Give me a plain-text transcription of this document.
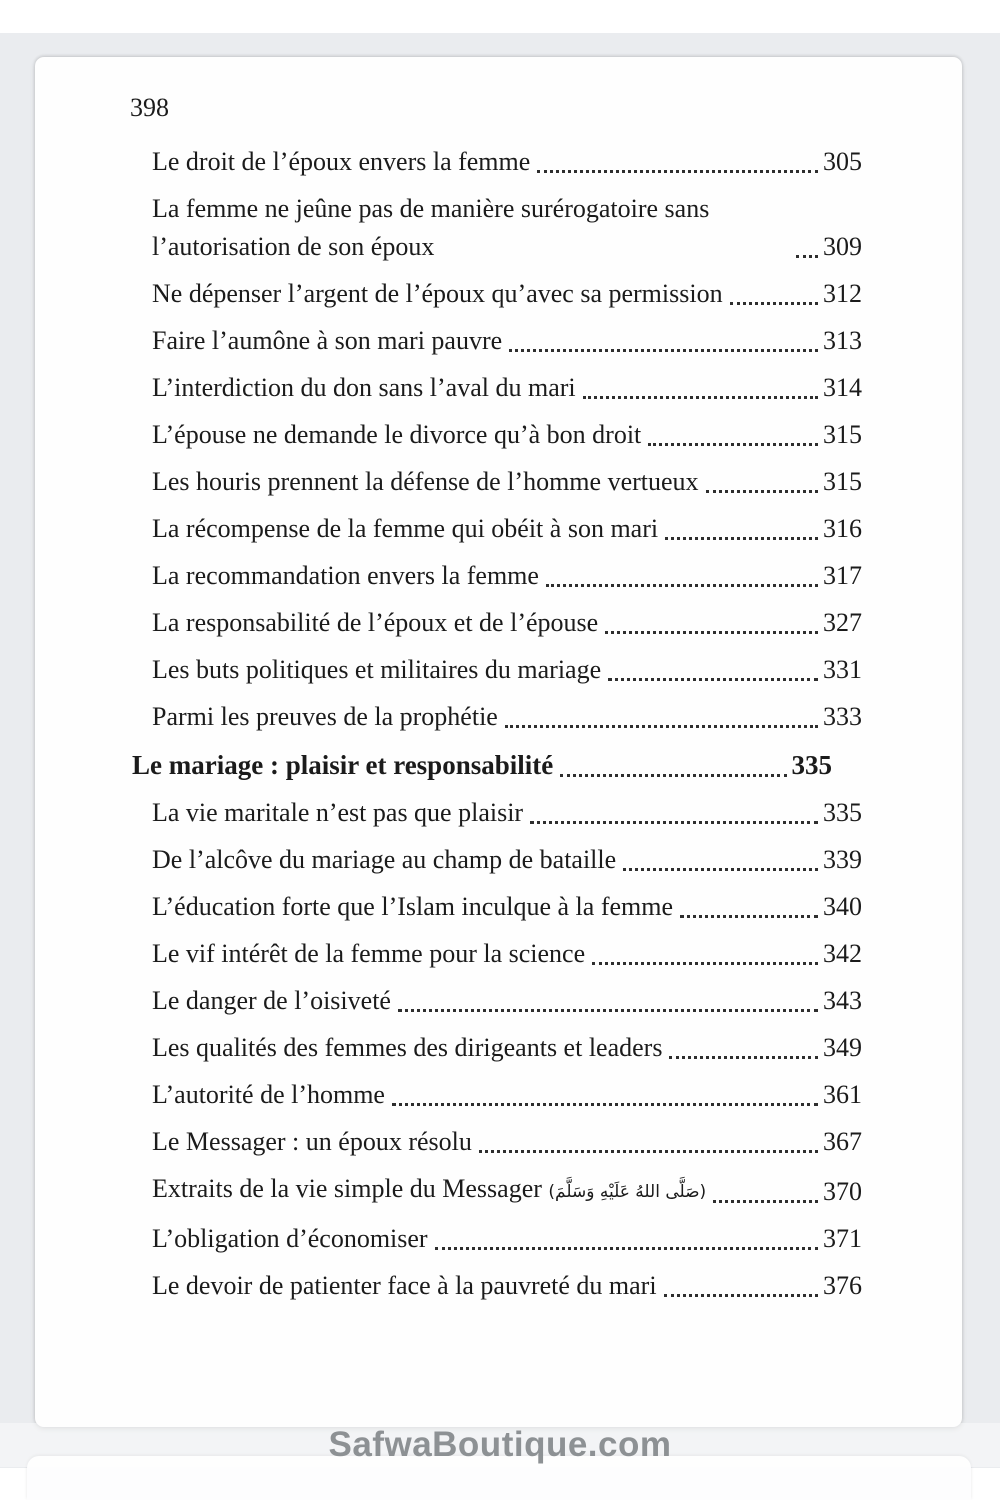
398
Le droit de l’époux envers la femme	305
La femme ne jeûne pas de manière surérogatoire sans l’autorisation de son époux	309
Ne dépenser l’argent de l’époux qu’avec sa permission	312
Faire l’aumône à son mari pauvre	313
L’interdiction du don sans l’aval du mari	314
L’épouse ne demande le divorce qu’à bon droit	315
Les houris prennent la défense de l’homme vertueux	315
La récompense de la femme qui obéit à son mari	316
La recommandation envers la femme	317
La responsabilité de l’époux et de l’épouse	327
Les buts politiques et militaires du mariage	331
Parmi les preuves de la prophétie	333
Le mariage : plaisir et responsabilité	335
La vie maritale n’est pas que plaisir	335
De l’alcôve du mariage au champ de bataille	339
L’éducation forte que l’Islam inculque à la femme	340
Le vif intérêt de la femme pour la science	342
Le danger de l’oisiveté	343
Les qualités des femmes des dirigeants et leaders	349
L’autorité de l’homme	361
Le Messager : un époux résolu	367
Extraits de la vie simple du Messager (صَلَّى اللهُ عَلَيْهِ وَسَلَّمَ)	370
L’obligation d’économiser	371
Le devoir de patienter face à la pauvreté du mari	376
SafwaBoutique.com
